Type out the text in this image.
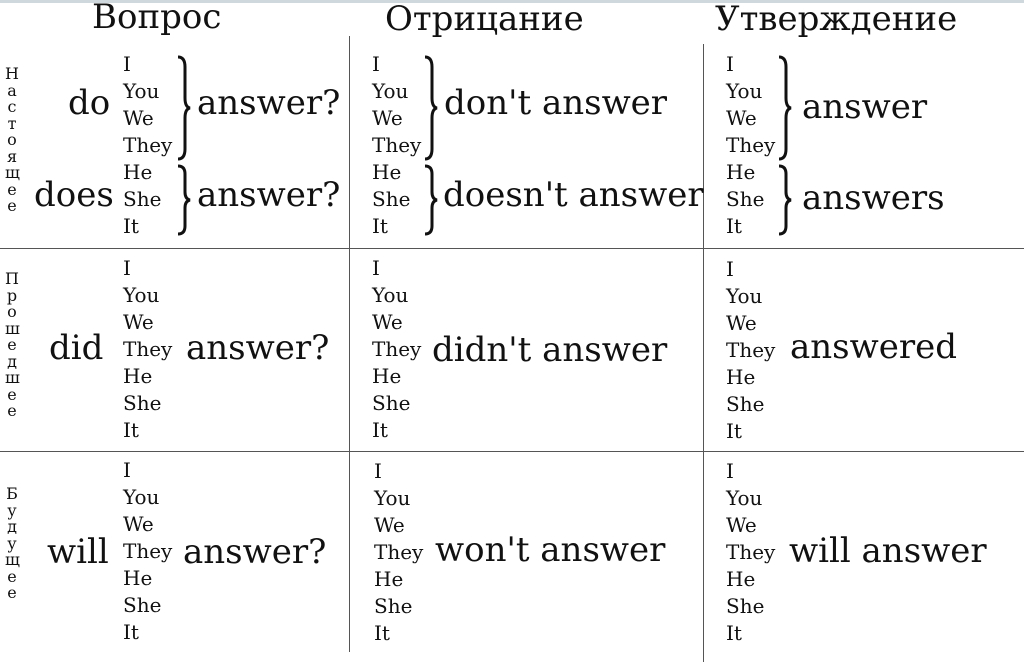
Вопрос	Отрицание	Утверждение
Н
а
с
т
о
я
щ
е
е
П
р
о
ш
е
д
ш
е
е
Б
у
д
у
щ
е
е
do
I
You
We
They
answer?
does
He
She
It
answer?
I
You
We
They
don't answer
He
She
It
doesn't answer
I
You
We
They
answer
He
She
It
answers
did
I
You
We
They
He
She
It
answer?
I
You
We
They
He
She
It
didn't answer
I
You
We
They
He
She
It
answered
will
I
You
We
They
He
She
It
answer?
I
You
We
They
He
She
It
won't answer
I
You
We
They
He
She
It
will answer
